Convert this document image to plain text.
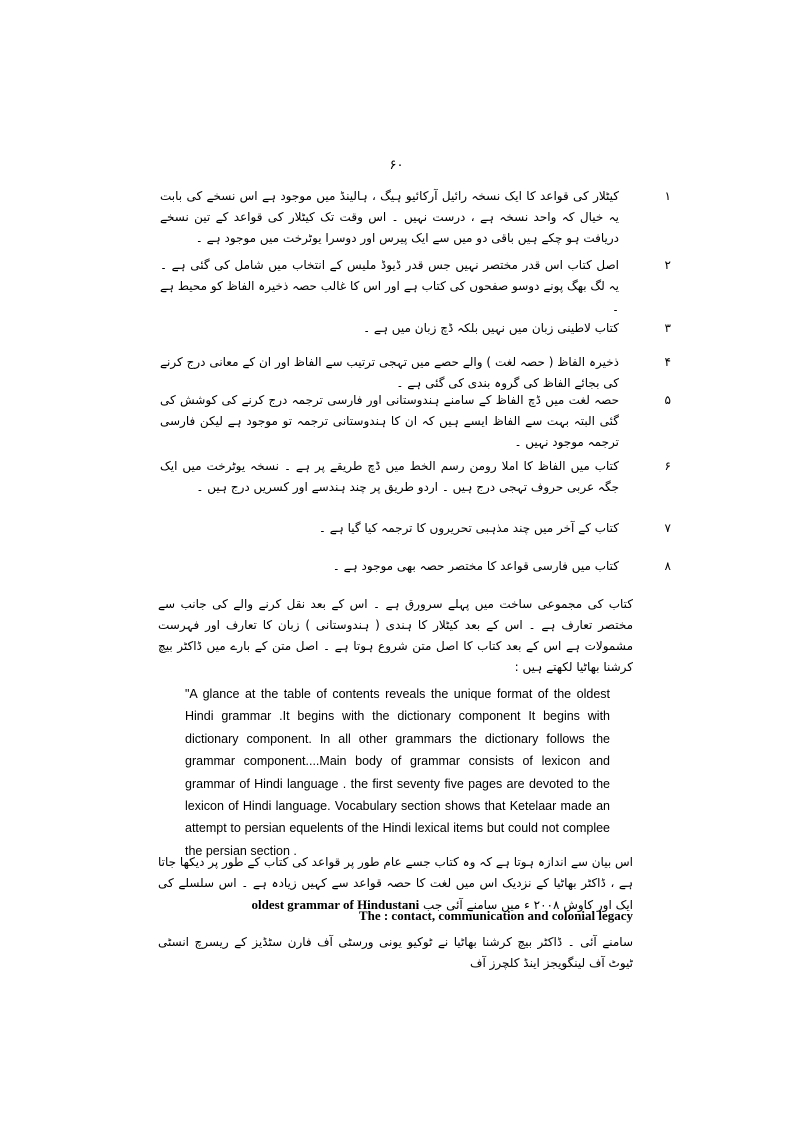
۶۰
۱
کیٹلار کی قواعد کا ایک نسخہ رائیل آرکائیو ہیگ ، ہالینڈ میں موجود ہے اس نسخے کی بابت یہ خیال کہ واحد نسخہ ہے ، درست نہیں ۔ اس وقت تک کیٹلار کی قواعد کے تین نسخے دریافت ہو چکے ہیں باقی دو میں سے ایک پیرس اور دوسرا یوٹرخت میں موجود ہے ۔
۲
اصل کتاب اس قدر مختصر نہیں جس قدر ڈیوڈ ملیس کے انتخاب میں شامل کی گئی ہے ۔ یہ لگ بھگ پونے دوسو صفحوں کی کتاب ہے اور اس کا غالب حصہ ذخیرہ الفاظ کو محیط ہے ۔
۳
کتاب لاطینی زبان میں نہیں بلکہ ڈچ زبان میں ہے ۔
۴
ذخیرہ الفاظ ( حصہ لغت ) والے حصے میں تہجی ترتیب سے الفاظ اور ان کے معانی درج کرنے کی بجائے الفاظ کی گروہ بندی کی گئی ہے ۔
۵
حصہ لغت میں ڈچ الفاظ کے سامنے ہندوستانی اور فارسی ترجمہ درج کرنے کی کوشش کی گئی البتہ بہت سے الفاظ ایسے ہیں کہ ان کا ہندوستانی ترجمہ تو موجود ہے لیکن فارسی ترجمہ موجود نہیں ۔
۶
کتاب میں الفاظ کا املا رومن رسم الخط میں ڈچ طریقے پر ہے ۔ نسخہ یوٹرخت میں ایک جگہ عربی حروف تہجی درج ہیں ۔ اردو طریق پر چند ہندسے اور کسریں درج ہیں ۔
۷
کتاب کے آخر میں چند مذہبی تحریروں کا ترجمہ کیا گیا ہے ۔
۸
کتاب میں فارسی قواعد کا مختصر حصہ بھی موجود ہے ۔
کتاب کی مجموعی ساخت میں پہلے سرورق ہے ۔ اس کے بعد نقل کرنے والے کی جانب سے مختصر تعارف ہے ۔ اس کے بعد کیٹلار کا ہندی ( ہندوستانی ) زبان کا تعارف اور فہرست مشمولات ہے اس کے بعد کتاب کا اصل متن شروع ہوتا ہے ۔ اصل متن کے بارے میں ڈاکٹر بیچ کرشنا بھاٹیا لکھتے ہیں :
"A glance at the table of contents reveals the unique format of the oldest Hindi grammar .It begins with the dictionary component It begins with dictionary component. In all other grammars the dictionary follows the grammar component....Main body of grammar consists of lexicon and grammar of Hindi language . the first seventy five pages are devoted to the lexicon of Hindi language. Vocabulary section shows that Ketelaar made an attempt to persian equelents of the Hindi lexical items but could not complee the persian section .
اس بیان سے اندازہ ہوتا ہے کہ وہ کتاب جسے عام طور پر قواعد کی کتاب کے طور پر دیکھا جاتا ہے ، ڈاکٹر بھاٹیا کے نزدیک اس میں لغت کا حصہ قواعد سے کہیں زیادہ ہے ۔ اس سلسلے کی ایک اور کاوش ۲۰۰۸ ء میں سامنے آئی جب oldest grammar of Hindustani
The : contact, communication and colonial legacy
سامنے آئی ۔ ڈاکٹر بیچ کرشنا بھاٹیا نے ٹوکیو یونی ورسٹی آف فارن سٹڈیز کے ریسرچ انسٹی ٹیوٹ آف لینگویجز اینڈ کلچرز آف
